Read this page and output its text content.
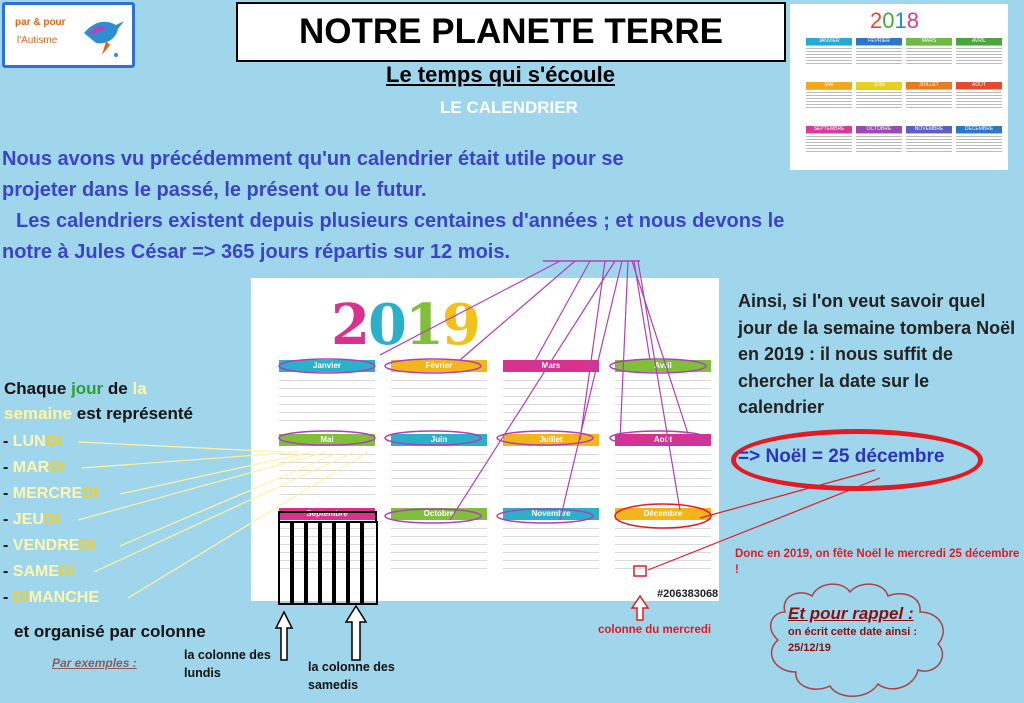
par & pour
l'Autisme	NOTRE PLANETE TERRE
Le temps qui s'écoule
LE CALENDRIER

Nous avons vu précédemment qu'un calendrier était utile pour se

projeter dans le passé, le présent ou le futur.

Les calendriers existent depuis plusieurs centaines d'années ; et nous devons le

notre à Jules César => 365 jours répartis sur 12 mois.

2018
JANVIER	FÉVRIER	MARS	AVRIL
MAI	JUIN	JUILLET	AOÛT
SEPTEMBRE	OCTOBRE	NOVEMBRE	DÉCEMBRE
2019
Janvier	Février	Mars	Avril
Mai	Juin	Juillet	Août
Septembre	Octobre	Novembre	Décembre
#206383068
Ainsi, si l'on veut savoir quel jour de la semaine tombera Noël en 2019 : il nous suffit de chercher la date sur le calendrier
=> Noël = 25 décembre
Donc en 2019, on fête Noël le mercredi 25 décembre !
Chaque jour de la
semaine est représenté
- LUNDI
- MARDI
- MERCREDI
- JEUDI
- VENDREDI
- SAMEDI
- DIMANCHE
et organisé par colonne
Par exemples :
la colonne des lundis	la colonne des samedis
colonne du mercredi
Et pour rappel :
on écrit cette date ainsi :
25/12/19
